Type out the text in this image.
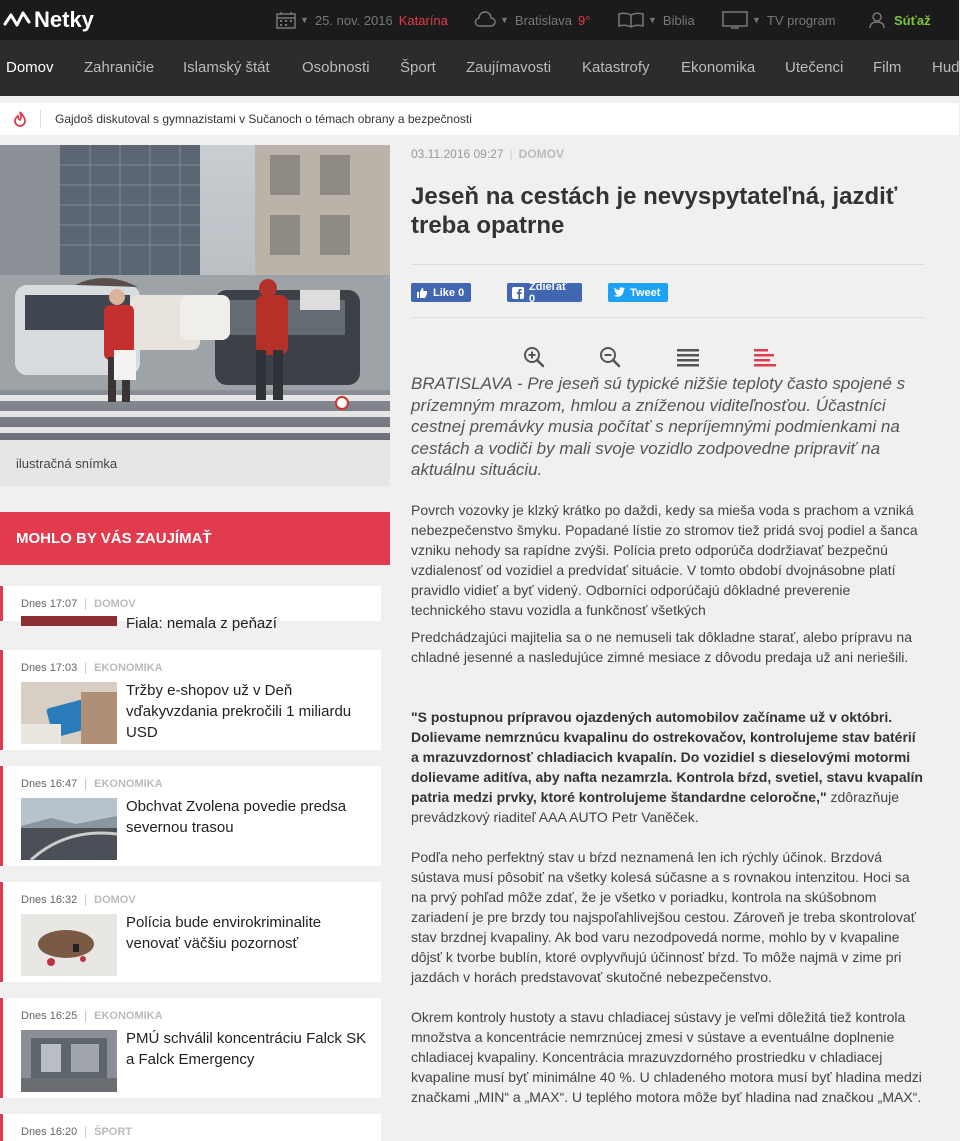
Netky	▼ 25. nov. 2016 Katarína	▼ Bratislava 9°	▼ Biblia	▼ TV program	Súťaž
Domov Zahraničie Islamský štát Osobnosti Šport Zaujímavosti Katastrofy Ekonomika Utečenci Film Hud
Gajdoš diskutoval s gymnazistami v Sučanoch o témach obrany a bezpečnosti
ilustračná snímka
MOHLO BY VÁS ZAUJÍMAŤ
Dnes 17:07 | DOMOV
Fiala: nemala z peňazí
Dnes 17:03 | EKONOMIKA
Tržby e-shopov už v Deň vďakyvzdania prekročili 1 miliardu USD
Dnes 16:47 | EKONOMIKA
Obchvat Zvolena povedie predsa severnou trasou
Dnes 16:32 | DOMOV
Polícia bude envirokriminalite venovať väčšiu pozornosť
Dnes 16:25 | EKONOMIKA
PMÚ schválil koncentráciu Falck SK a Falck Emergency
Dnes 16:20 | ŠPORT
03.11.2016 09:27 | DOMOV
Jeseň na cestách je nevyspytateľná, jazdiť treba opatrne
Like 0	Zdieľať 0	Tweet
BRATISLAVA - Pre jeseň sú typické nižšie teploty často spojené s prízemným mrazom, hmlou a zníženou viditeľnosťou. Účastníci cestnej premávky musia počítať s nepríjemnými podmienkami na cestách a vodiči by mali svoje vozidlo zodpovedne pripraviť na aktuálnu situáciu.

Povrch vozovky je klzký krátko po daždi, kedy sa mieša voda s prachom a vzniká nebezpečenstvo šmyku. Popadané lístie zo stromov tiež pridá svoj podiel a šanca vzniku nehody sa rapídne zvýši. Polícia preto odporúča dodržiavať bezpečnú vzdialenosť od vozidiel a predvídať situácie. V tomto období dvojnásobne platí pravidlo vidieť a byť videný. Odborníci odporúčajú dôkladné preverenie technického stavu vozidla a funkčnosť všetkých

Predchádzajúci majitelia sa o ne nemuseli tak dôkladne starať, alebo prípravu na chladné jesenné a nasledujúce zimné mesiace z dôvodu predaja už ani neriešili.

"S postupnou prípravou ojazdených automobilov začíname už v októbri. Dolievame nemrznúcu kvapalinu do ostrekovačov, kontrolujeme stav batérií a mrazuvzdornosť chladiacich kvapalín. Do vozidiel s dieselovými motormi dolievame aditíva, aby nafta nezamrzla. Kontrola bŕzd, svetiel, stavu kvapalín patria medzi prvky, ktoré kontrolujeme štandardne celoročne," zdôrazňuje prevádzkový riaditeľ AAA AUTO Petr Vaněček.

Podľa neho perfektný stav u bŕzd neznamená len ich rýchly účinok. Brzdová sústava musí pôsobiť na všetky kolesá súčasne a s rovnakou intenzitou. Hoci sa na prvý pohľad môže zdať, že je všetko v poriadku, kontrola na skúšobnom zariadení je pre brzdy tou najspoľahlivejšou cestou. Zároveň je treba skontrolovať stav brzdnej kvapaliny. Ak bod varu nezodpovedá norme, mohlo by v kvapaline dôjsť k tvorbe bublín, ktoré ovplyvňujú účinnosť bŕzd. To môže najmä v zime pri jazdách v horách predstavovať skutočné nebezpečenstvo.

Okrem kontroly hustoty a stavu chladiacej sústavy je veľmi dôležitá tiež kontrola množstva a koncentrácie nemrznúcej zmesi v sústave a eventuálne doplnenie chladiacej kvapaliny. Koncentrácia mrazuvzdorného prostriedku v chladiacej kvapaline musí byť minimálne 40 %. U chladeného motora musí byť hladina medzi značkami „MIN“ a „MAX“. U teplého motora môže byť hladina nad značkou „MAX“.
